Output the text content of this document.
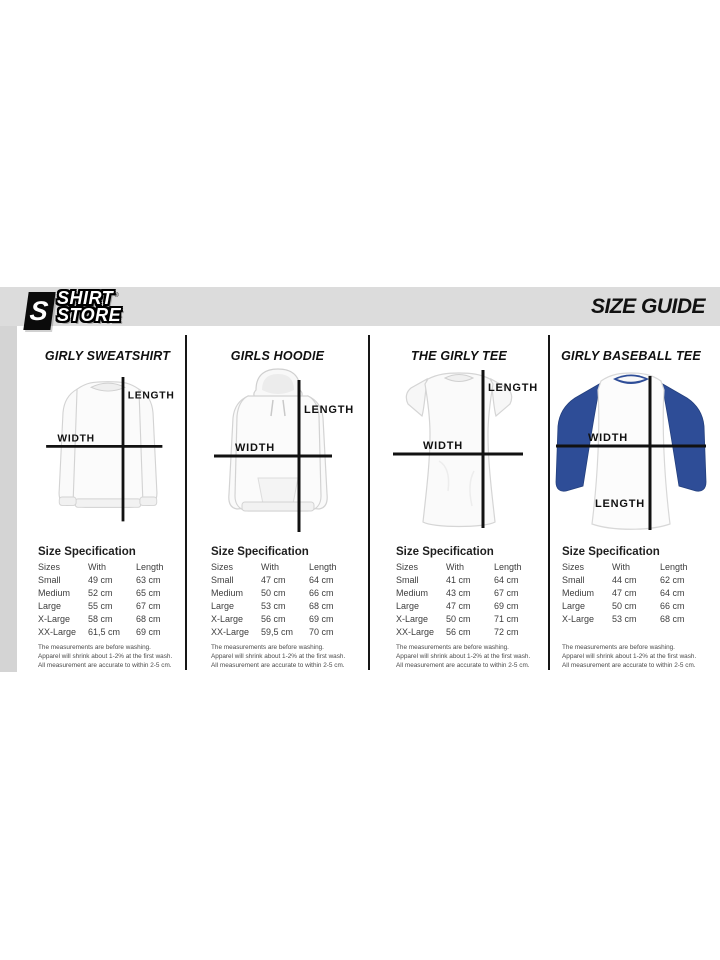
S SHIRT®
STORE	SIZE GUIDE
GIRLY SWEATSHIRT
WIDTH
LENGTH
Size Specification
Sizes	With	Length
Small	49 cm	63 cm
Medium	52 cm	65 cm
Large	55 cm	67 cm
X-Large	58 cm	68 cm
XX-Large	61,5 cm	69 cm
The measurements are before washing.
Apparel will shrink about 1-2% at the first wash.
All measurement are accurate to within 2-5 cm.
GIRLS HOODIE
WIDTH
LENGTH
Size Specification
Sizes	With	Length
Small	47 cm	64 cm
Medium	50 cm	66 cm
Large	53 cm	68 cm
X-Large	56 cm	69 cm
XX-Large	59,5 cm	70 cm
The measurements are before washing.
Apparel will shrink about 1-2% at the first wash.
All measurement are accurate to within 2-5 cm.
THE GIRLY TEE
WIDTH
LENGTH
Size Specification
Sizes	With	Length
Small	41 cm	64 cm
Medium	43 cm	67 cm
Large	47 cm	69 cm
X-Large	50 cm	71 cm
XX-Large	56 cm	72 cm
The measurements are before washing.
Apparel will shrink about 1-2% at the first wash.
All measurement are accurate to within 2-5 cm.
GIRLY BASEBALL TEE
WIDTH
LENGTH
Size Specification
Sizes	With	Length
Small	44 cm	62 cm
Medium	47 cm	64 cm
Large	50 cm	66 cm
X-Large	53 cm	68 cm
The measurements are before washing.
Apparel will shrink about 1-2% at the first wash.
All measurement are accurate to within 2-5 cm.
